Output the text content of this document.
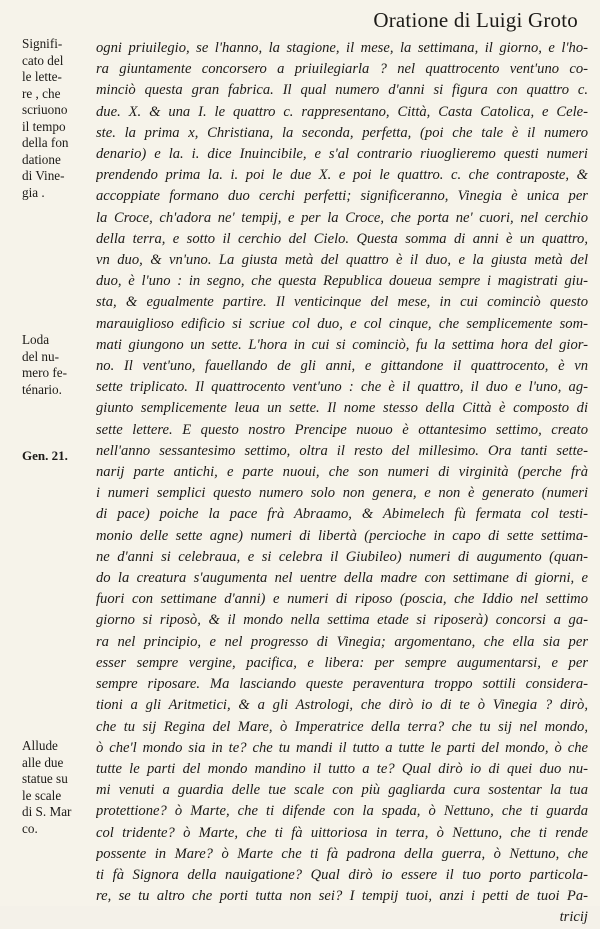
Oratione di Luigi Groto
Signifi-
cato del
le lette-
re , che
scriuono
il tempo
della fon
datione
di Vine-
gia .
Loda
del nu-
mero fe-
ténario.
Gen. 21.
Allude
alle due
statue su
le scale
di S. Mar
co.
ogni priuilegio, se l'hanno, la stagione, il mese, la settimana, il giorno, e l'ho-
ra giuntamente concorsero a priuilegiarla ? nel quattrocento vent'uno co-
minciò questa gran fabrica. Il qual numero d'anni si figura con quattro c.
due. X. & una I. le quattro c. rappresentano, Città, Casta Catolica, e Cele-
ste. la prima x, Christiana, la seconda, perfetta, (poi che tale è il numero
denario) e la. i. dice Inuincibile, e s'al contrario riuoglieremo questi numeri
prendendo prima la. i. poi le due X. e poi le quattro. c. che contraposte, &
accoppiate formano duo cerchi perfetti; significeranno, Vinegia è unica per
la Croce, ch'adora ne' tempij, e per la Croce, che porta ne' cuori, nel cerchio
della terra, e sotto il cerchio del Cielo. Questa somma di anni è un quattro,
vn duo, & vn'uno. La giusta metà del quattro è il duo, e la giusta metà del
duo, è l'uno : in segno, che questa Republica doueua sempre i magistrati giu-
sta, & egualmente partire. Il venticinque del mese, in cui cominciò questo
marauiglioso edificio si scriue col duo, e col cinque, che semplicemente som-
mati giungono un sette. L'hora in cui si cominciò, fu la settima hora del gior-
no. Il vent'uno, fauellando de gli anni, e gittandone il quattrocento, è vn
sette triplicato. Il quattrocento vent'uno : che è il quattro, il duo e l'uno, ag-
giunto semplicemente leua un sette. Il nome stesso della Città è composto di
sette lettere. E questo nostro Prencipe nuouo è ottantesimo settimo, creato
nell'anno sessantesimo settimo, oltra il resto del millesimo. Ora tanti sette-
narij parte antichi, e parte nuoui, che son numeri di virginità (perche frà
i numeri semplici questo numero solo non genera, e non è generato (numeri
di pace) poiche la pace frà Abraamo, & Abimelech fù fermata col testi-
monio delle sette agne) numeri di libertà (percioche in capo di sette settima-
ne d'anni si celebraua, e si celebra il Giubileo) numeri di augumento (quan-
do la creatura s'augumenta nel uentre della madre con settimane di giorni, e
fuori con settimane d'anni) e numeri di riposo (poscia, che Iddio nel settimo
giorno si riposò, & il mondo nella settima etade si riposerà) concorsi a ga-
ra nel principio, e nel progresso di Vinegia; argomentano, che ella sia per
esser sempre vergine, pacifica, e libera: per sempre augumentarsi, e per
sempre riposare. Ma lasciando queste peraventura troppo sottili considera-
tioni a gli Aritmetici, & a gli Astrologi, che dirò io di te ò Vinegia ? dirò,
che tu sij Regina del Mare, ò Imperatrice della terra? che tu sij nel mondo,
ò che'l mondo sia in te? che tu mandi il tutto a tutte le parti del mondo, ò che
tutte le parti del mondo mandino il tutto a te? Qual dirò io di quei duo nu-
mi venuti a guardia delle tue scale con più gagliarda cura sostentar la tua
protettione? ò Marte, che ti difende con la spada, ò Nettuno, che ti guarda
col tridente? ò Marte, che ti fà uittoriosa in terra, ò Nettuno, che ti rende
possente in Mare? ò Marte che ti fà padrona della guerra, ò Nettuno, che
ti fà Signora della nauigatione? Qual dirò io essere il tuo porto particola-
re, se tu altro che porti tutta non sei? I tempij tuoi, anzi i petti de tuoi Pa-
tricij
